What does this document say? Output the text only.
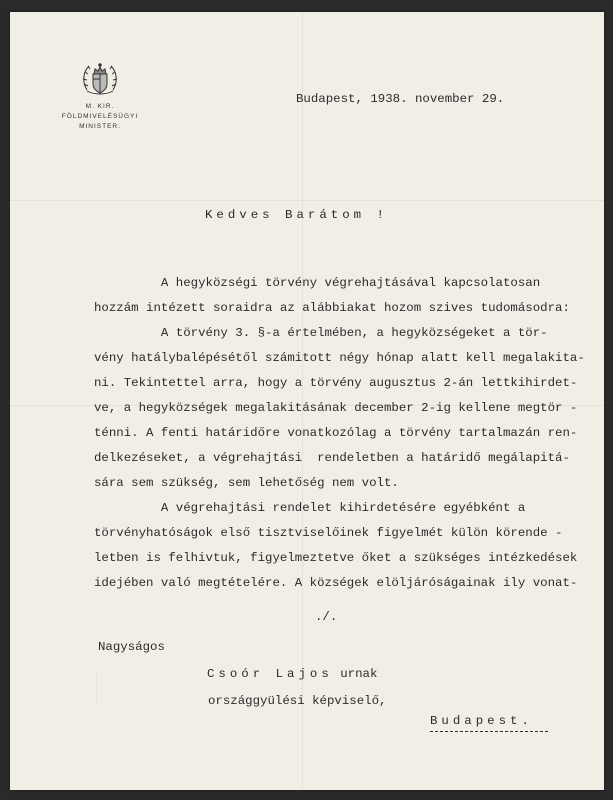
M. KIR.
FÖLDMIVELÉSÜGYI
MINISTER.
Budapest, 1938. november 29.
Kedves Barátom !

A hegyközségi törvény végrehajtásával kapcsolatosan

hozzám intézett soraidra az alábbiakat hozom szives tudomásodra:

A törvény 3. §-a értelmében, a hegyközségeket a tör-

vény hatálybalépésétől számitott négy hónap alatt kell megalakita-

ni. Tekintettel arra, hogy a törvény augusztus 2-án lettkihirdet-

ve, a hegyközségek megalakitásának december 2-ig kellene megtör -

ténni. A fenti határidőre vonatkozólag a törvény tartalmazán ren-

delkezéseket, a végrehajtási  rendeletben a határidő megálapitá-

sára sem szükség, sem lehetőség nem volt.

A végrehajtási rendelet kihirdetésére egyébként a

törvényhatóságok első tisztviselőinek figyelmét külön körende -

letben is felhivtuk, figyelmeztetve őket a szükséges intézkedések

idejében való megtételére. A községek elöljáróságainak ily vonat-

./.
Nagyságos
Csoór Lajos urnak
országgyülési képviselő,
Budapest.
